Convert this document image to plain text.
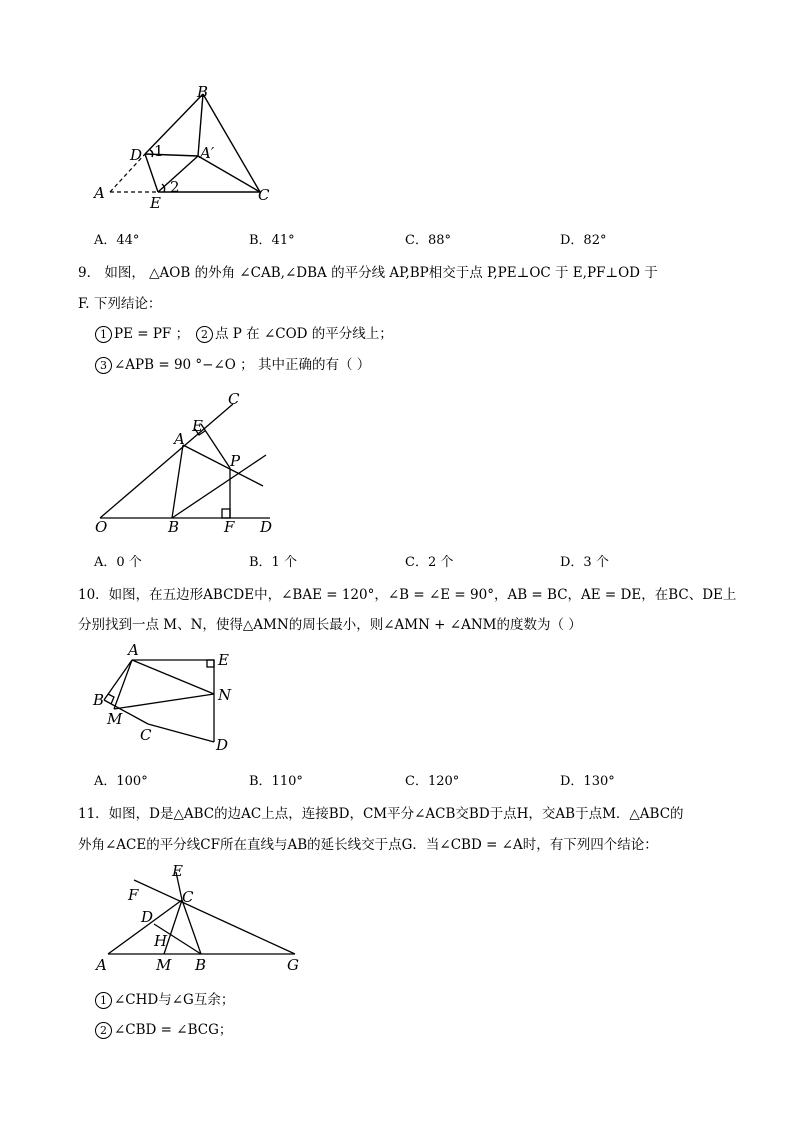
B
D 1 A′
A	2	C
E
A．44°	B．41°	C．88°	D．82°
9． 如图， △AOB 的外角 ∠CAB,∠DBA 的平分线 AP,BP相交于点 P,PE⊥OC 于 E,PF⊥OD 于
F. 下列结论：
1 PE = PF ；	2 点 P 在 ∠COD 的平分线上；
3 ∠APB = 90 °−∠O ； 其中正确的有（ ）
C
E
A
P
O	B	F D
A．0 个	B．1 个	C．2 个	D．3 个
10．如图，在五边形ABCDE中，∠BAE = 120°，∠B = ∠E = 90°，AB = BC，AE = DE，在BC、DE上
分别找到一点 M、N，使得△AMN的周长最小，则∠AMN + ∠ANM的度数为（ ）
A
E
B	N
M
C
D
A．100°	B．110°	C．120°	D．130°
11．如图，D是△ABC的边AC上点，连接BD，CM平分∠ACB交BD于点H，交AB于点M．△ABC的
外角∠ACE的平分线CF所在直线与AB的延长线交于点G．当∠CBD = ∠A时，有下列四个结论：
E
F	C
D
H
A	M B	G
1 ∠CHD与∠G互余；
2 ∠CBD = ∠BCG；
